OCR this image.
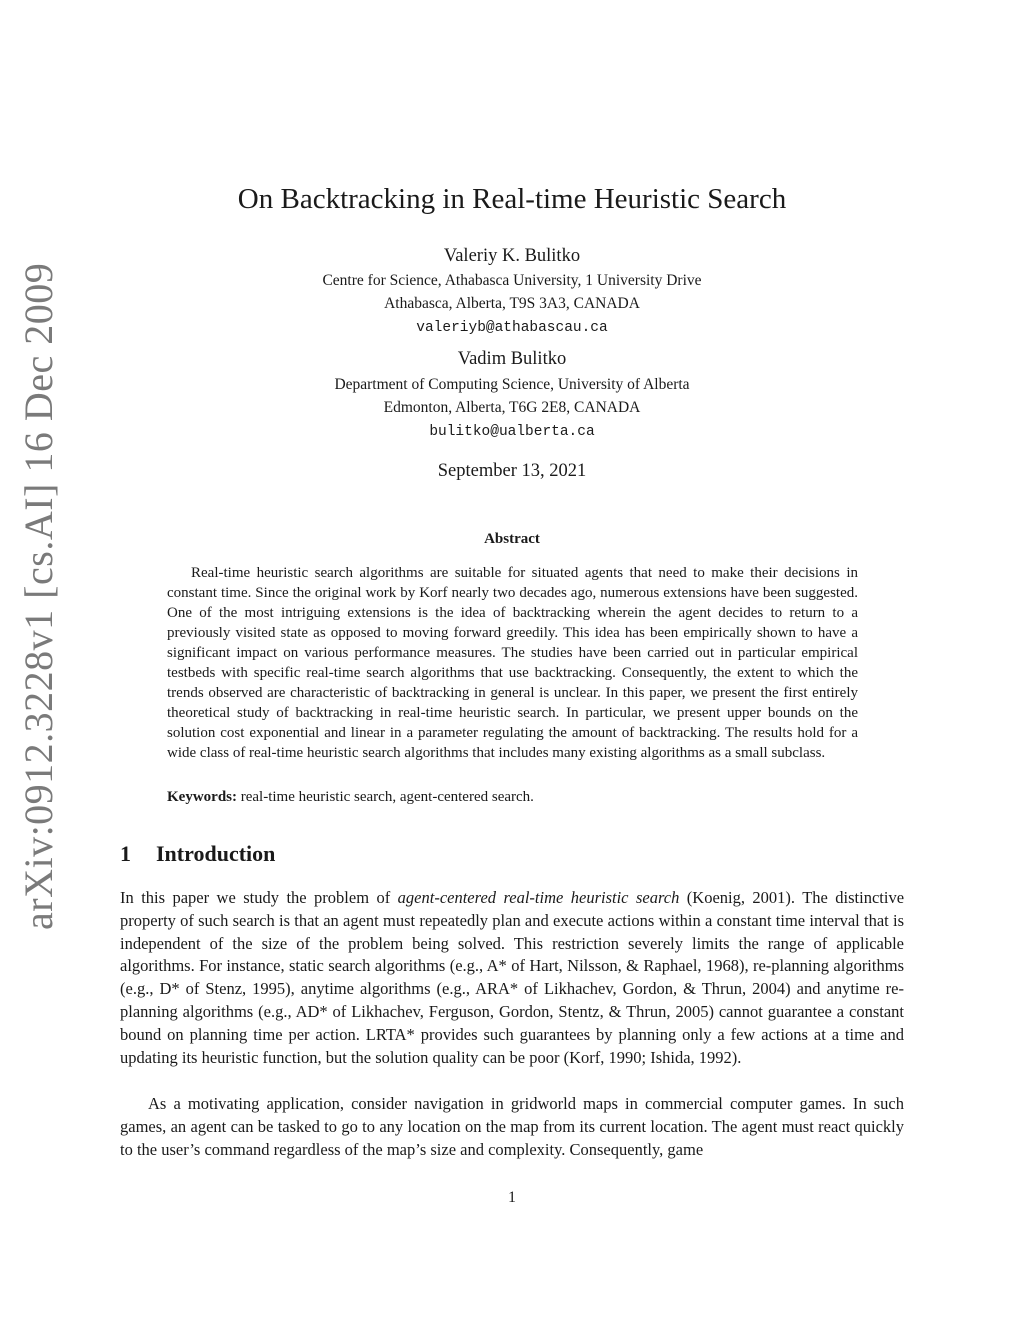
arXiv:0912.3228v1 [cs.AI] 16 Dec 2009
On Backtracking in Real-time Heuristic Search
Valeriy K. Bulitko
Centre for Science, Athabasca University, 1 University Drive
Athabasca, Alberta, T9S 3A3, CANADA
valeriyb@athabascau.ca
Vadim Bulitko
Department of Computing Science, University of Alberta
Edmonton, Alberta, T6G 2E8, CANADA
bulitko@ualberta.ca
September 13, 2021
Abstract

Real-time heuristic search algorithms are suitable for situated agents that need to make their decisions in constant time. Since the original work by Korf nearly two decades ago, numerous extensions have been suggested. One of the most intriguing extensions is the idea of backtracking wherein the agent decides to return to a previously visited state as opposed to moving forward greedily. This idea has been empirically shown to have a significant impact on various performance measures. The studies have been carried out in particular empirical testbeds with specific real-time search algorithms that use backtracking. Consequently, the extent to which the trends observed are characteristic of backtracking in general is unclear. In this paper, we present the first entirely theoretical study of backtracking in real-time heuristic search. In particular, we present upper bounds on the solution cost exponential and linear in a parameter regulating the amount of backtracking. The results hold for a wide class of real-time heuristic search algorithms that includes many existing algorithms as a small subclass.

Keywords: real-time heuristic search, agent-centered search.
1 Introduction

In this paper we study the problem of agent-centered real-time heuristic search (Koenig, 2001). The distinctive property of such search is that an agent must repeatedly plan and execute actions within a constant time interval that is independent of the size of the problem being solved. This restriction severely limits the range of applicable algorithms. For instance, static search algorithms (e.g., A* of Hart, Nilsson, & Raphael, 1968), re-planning algorithms (e.g., D* of Stenz, 1995), anytime algorithms (e.g., ARA* of Likhachev, Gordon, & Thrun, 2004) and anytime re-planning algorithms (e.g., AD* of Likhachev, Ferguson, Gordon, Stentz, & Thrun, 2005) cannot guarantee a constant bound on planning time per action. LRTA* provides such guarantees by planning only a few actions at a time and updating its heuristic function, but the solution quality can be poor (Korf, 1990; Ishida, 1992).

As a motivating application, consider navigation in gridworld maps in commercial computer games. In such games, an agent can be tasked to go to any location on the map from its current location. The agent must react quickly to the user’s command regardless of the map’s size and complexity. Consequently, game

1
